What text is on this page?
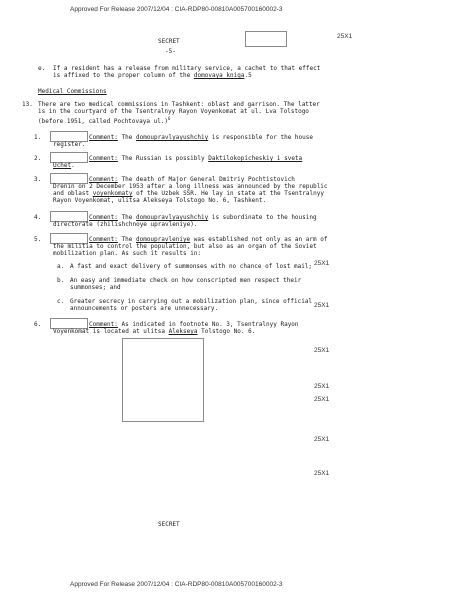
Approved For Release 2007/12/04 : CIA-RDP80-00810A005700160002-3
Approved For Release 2007/12/04 : CIA-RDP80-00810A005700160002-3
SECRET
25X1
-5-
e. If a resident has a release from military service, a cachet to that effect
is affixed to the proper column of the domovaya kniga.5
Medical Commissions
13. There are two medical commissions in Tashkent: oblast and garrison. The latter
is in the courtyard of the Tsentralnyy Rayon Voyenkomat at ul. Lva Tolstogo
(before 1951, called Pochtovaya ul.)$^6$
1.	Comment: The domoupravlyayushchiy is responsible for the house
register.
2.	Comment: The Russian is possibly Daktilokopicheskiy i sveta
Uchet.
3.	Comment: The death of Major General Dmitriy Pochtistovich
Drenin on 2 December 1953 after a long illness was announced by the republic
and oblast voyenkomaty of the Uzbek SSR. He lay in state at the Tsentralnyy
Rayon Voyenkomat, ulitsa Alekseya Tolstogo No. 6, Tashkent.
4.	Comment: The domoupravlyayushchiy is subordinate to the housing
directorate (zhilishchnoye upravleniye).
5.	Comment: The domoupravleniye was established not only as an arm of
the militia to control the population, but also as an organ of the Soviet
mobilization plan. As such it results in:
a. A fast and exact delivery of summonses with no chance of lost mail;
b. An easy and immediate check on how conscripted men respect their
summonses; and
c. Greater secrecy in carrying out a mobilization plan, since official
announcements or posters are unnecessary.
6.	Comment: As indicated in footnote No. 3, Tsentralnyy Rayon
Voyenkomat is located at ulitsa Alekseya Tolstogo No. 6.
25X1
25X1
25X1
25X1
25X1
25X1
25X1
SECRET
